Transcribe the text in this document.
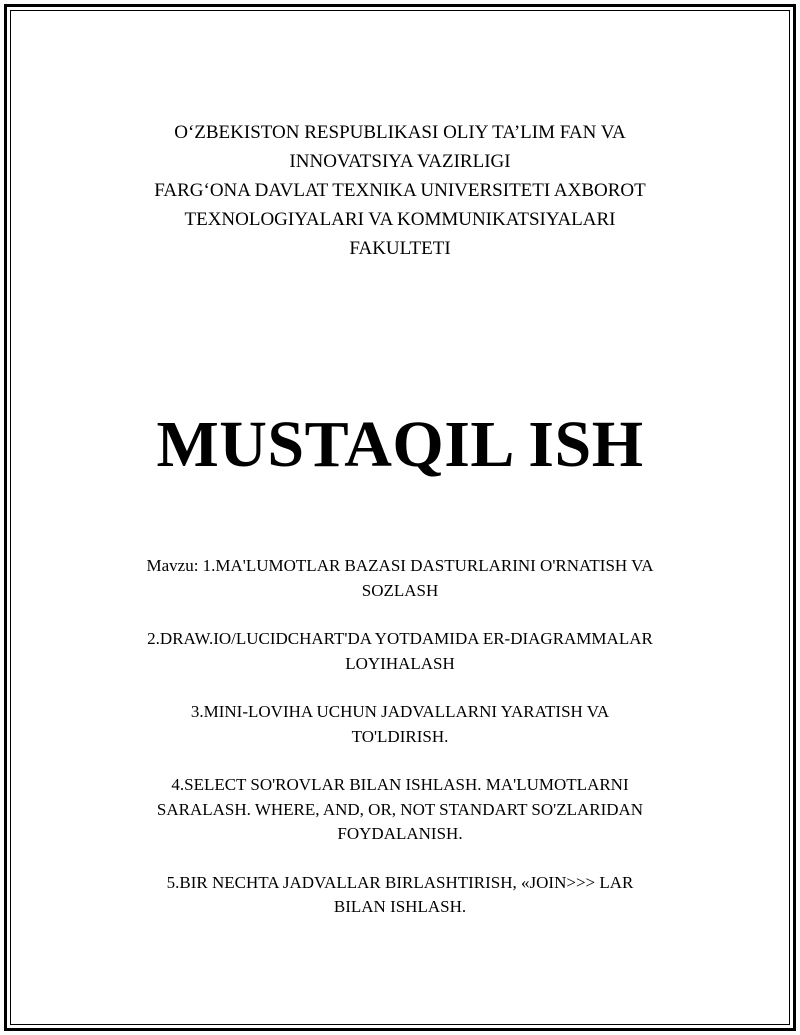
O‘ZBEKISTON RESPUBLIKASI OLIY TA’LIM FAN VA
INNOVATSIYA VAZIRLIGI
FARG‘ONA DAVLAT TEXNIKA UNIVERSITETI AXBOROT
TEXNOLOGIYALARI VA KOMMUNIKATSIYALARI
FAKULTETI
MUSTAQIL ISH
Mavzu: 1.MA'LUMOTLAR BAZASI DASTURLARINI O'RNATISH VA
SOZLASH
2.DRAW.IO/LUCIDCHART'DA YOTDAMIDA ER-DIAGRAMMALAR
LOYIHALASH
3.MINI-LOVIHA UCHUN JADVALLARNI YARATISH VA
TO'LDIRISH.
4.SELECT SO'ROVLAR BILAN ISHLASH. MA'LUMOTLARNI
SARALASH. WHERE, AND, OR, NOT STANDART SO'ZLARIDAN
FOYDALANISH.
5.BIR NECHTA JADVALLAR BIRLASHTIRISH, «JOIN>>> LAR
BILAN ISHLASH.
